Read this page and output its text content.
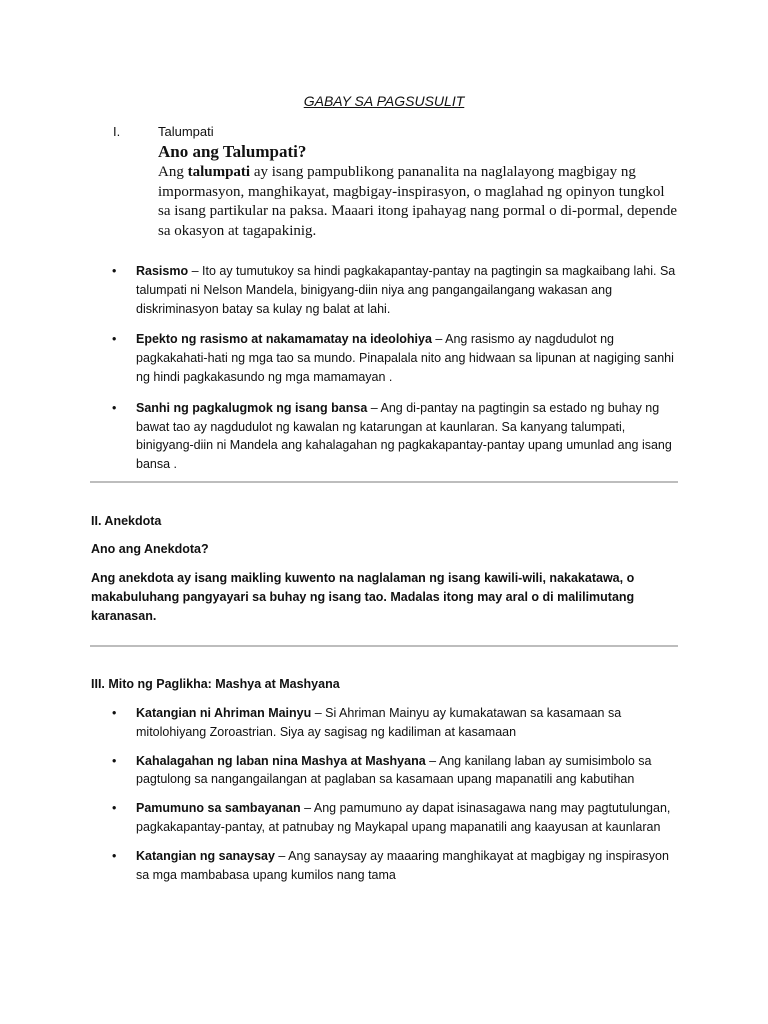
GABAY SA PAGSUSULIT
I.	Talumpati
Ano ang Talumpati?
Ang talumpati ay isang pampublikong pananalita na naglalayong magbigay ng impormasyon, manghikayat, magbigay-inspirasyon, o maglahad ng opinyon tungkol sa isang partikular na paksa. Maaari itong ipahayag nang pormal o di-pormal, depende sa okasyon at tagapakinig.
• Rasismo – Ito ay tumutukoy sa hindi pagkakapantay-pantay na pagtingin sa magkaibang lahi. Sa talumpati ni Nelson Mandela, binigyang-diin niya ang pangangailangang wakasan ang diskriminasyon batay sa kulay ng balat at lahi.
• Epekto ng rasismo at nakamamatay na ideolohiya – Ang rasismo ay nagdudulot ng pagkakahati-hati ng mga tao sa mundo. Pinapalala nito ang hidwaan sa lipunan at nagiging sanhi ng hindi pagkakasundo ng mga mamamayan .
• Sanhi ng pagkalugmok ng isang bansa – Ang di-pantay na pagtingin sa estado ng buhay ng bawat tao ay nagdudulot ng kawalan ng katarungan at kaunlaran. Sa kanyang talumpati, binigyang-diin ni Mandela ang kahalagahan ng pagkakapantay-pantay upang umunlad ang isang bansa .
II. Anekdota
Ano ang Anekdota?
Ang anekdota ay isang maikling kuwento na naglalaman ng isang kawili-wili, nakakatawa, o makabuluhang pangyayari sa buhay ng isang tao. Madalas itong may aral o di malilimutang karanasan.
III. Mito ng Paglikha: Mashya at Mashyana
• Katangian ni Ahriman Mainyu – Si Ahriman Mainyu ay kumakatawan sa kasamaan sa mitolohiyang Zoroastrian. Siya ay sagisag ng kadiliman at kasamaan
• Kahalagahan ng laban nina Mashya at Mashyana – Ang kanilang laban ay sumisimbolo sa pagtulong sa nangangailangan at paglaban sa kasamaan upang mapanatili ang kabutihan
• Pamumuno sa sambayanan – Ang pamumuno ay dapat isinasagawa nang may pagtutulungan, pagkakapantay-pantay, at patnubay ng Maykapal upang mapanatili ang kaayusan at kaunlaran
• Katangian ng sanaysay – Ang sanaysay ay maaaring manghikayat at magbigay ng inspirasyon sa mga mambabasa upang kumilos nang tama
